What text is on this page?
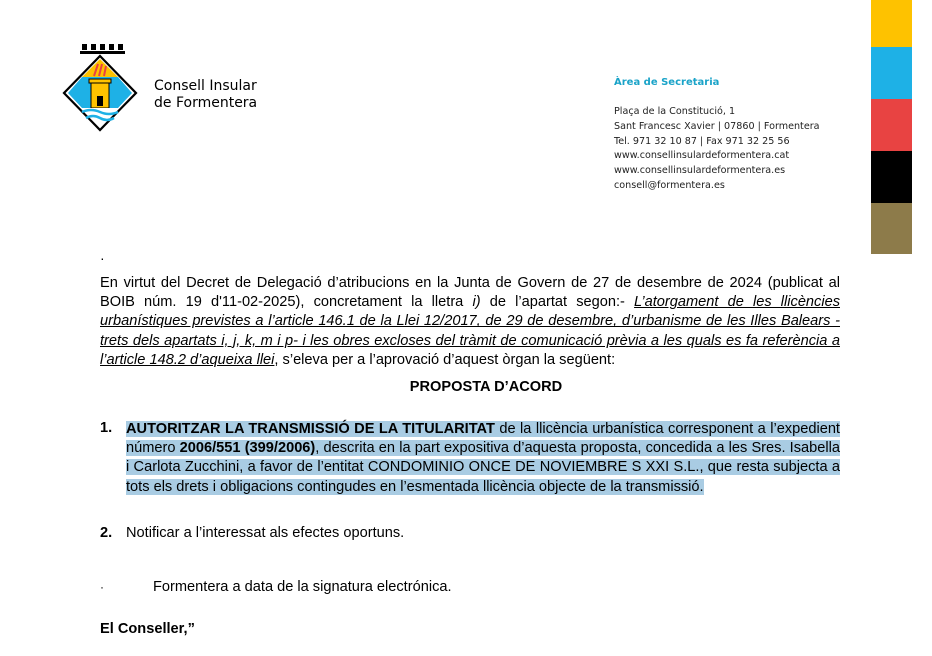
Consell Insular
de Formentera
Àrea de Secretaria
Plaça de la Constitució, 1
Sant Francesc Xavier | 07860 | Formentera
Tel. 971 32 10 87 | Fax 971 32 25 56
www.consellinsulardeformentera.cat
www.consellinsulardeformentera.es
consell@formentera.es
·
En virtut del Decret de Delegació d’atribucions en la Junta de Govern de 27 de desembre de 2024 (publicat al BOIB núm. 19 d'11-02-2025), concretament la lletra i) de l’apartat segon:- L’atorgament de les llicències urbanístiques previstes a l’article 146.1 de la Llei 12/2017, de 29 de desembre, d’urbanisme de les Illes Balears -trets dels apartats i, j, k, m i p- i les obres excloses del tràmit de comunicació prèvia a les quals es fa referència a l’article 148.2 d’aqueixa llei, s’eleva per a l’aprovació d’aquest òrgan la següent:
PROPOSTA D’ACORD
1. AUTORITZAR LA TRANSMISSIÓ DE LA TITULARITAT de la llicència urbanística corresponent a l’expedient número 2006/551 (399/2006), descrita en la part expositiva d’aquesta proposta, concedida a les Sres. Isabella i Carlota Zucchini, a favor de l’entitat CONDOMINIO ONCE DE NOVIEMBRE S XXI S.L., que resta subjecta a tots els drets i obligacions contingudes en l’esmentada llicència objecte de la transmissió.
2. Notificar a l’interessat als efectes oportuns.
·	Formentera a data de la signatura electrónica.
El Conseller,”
